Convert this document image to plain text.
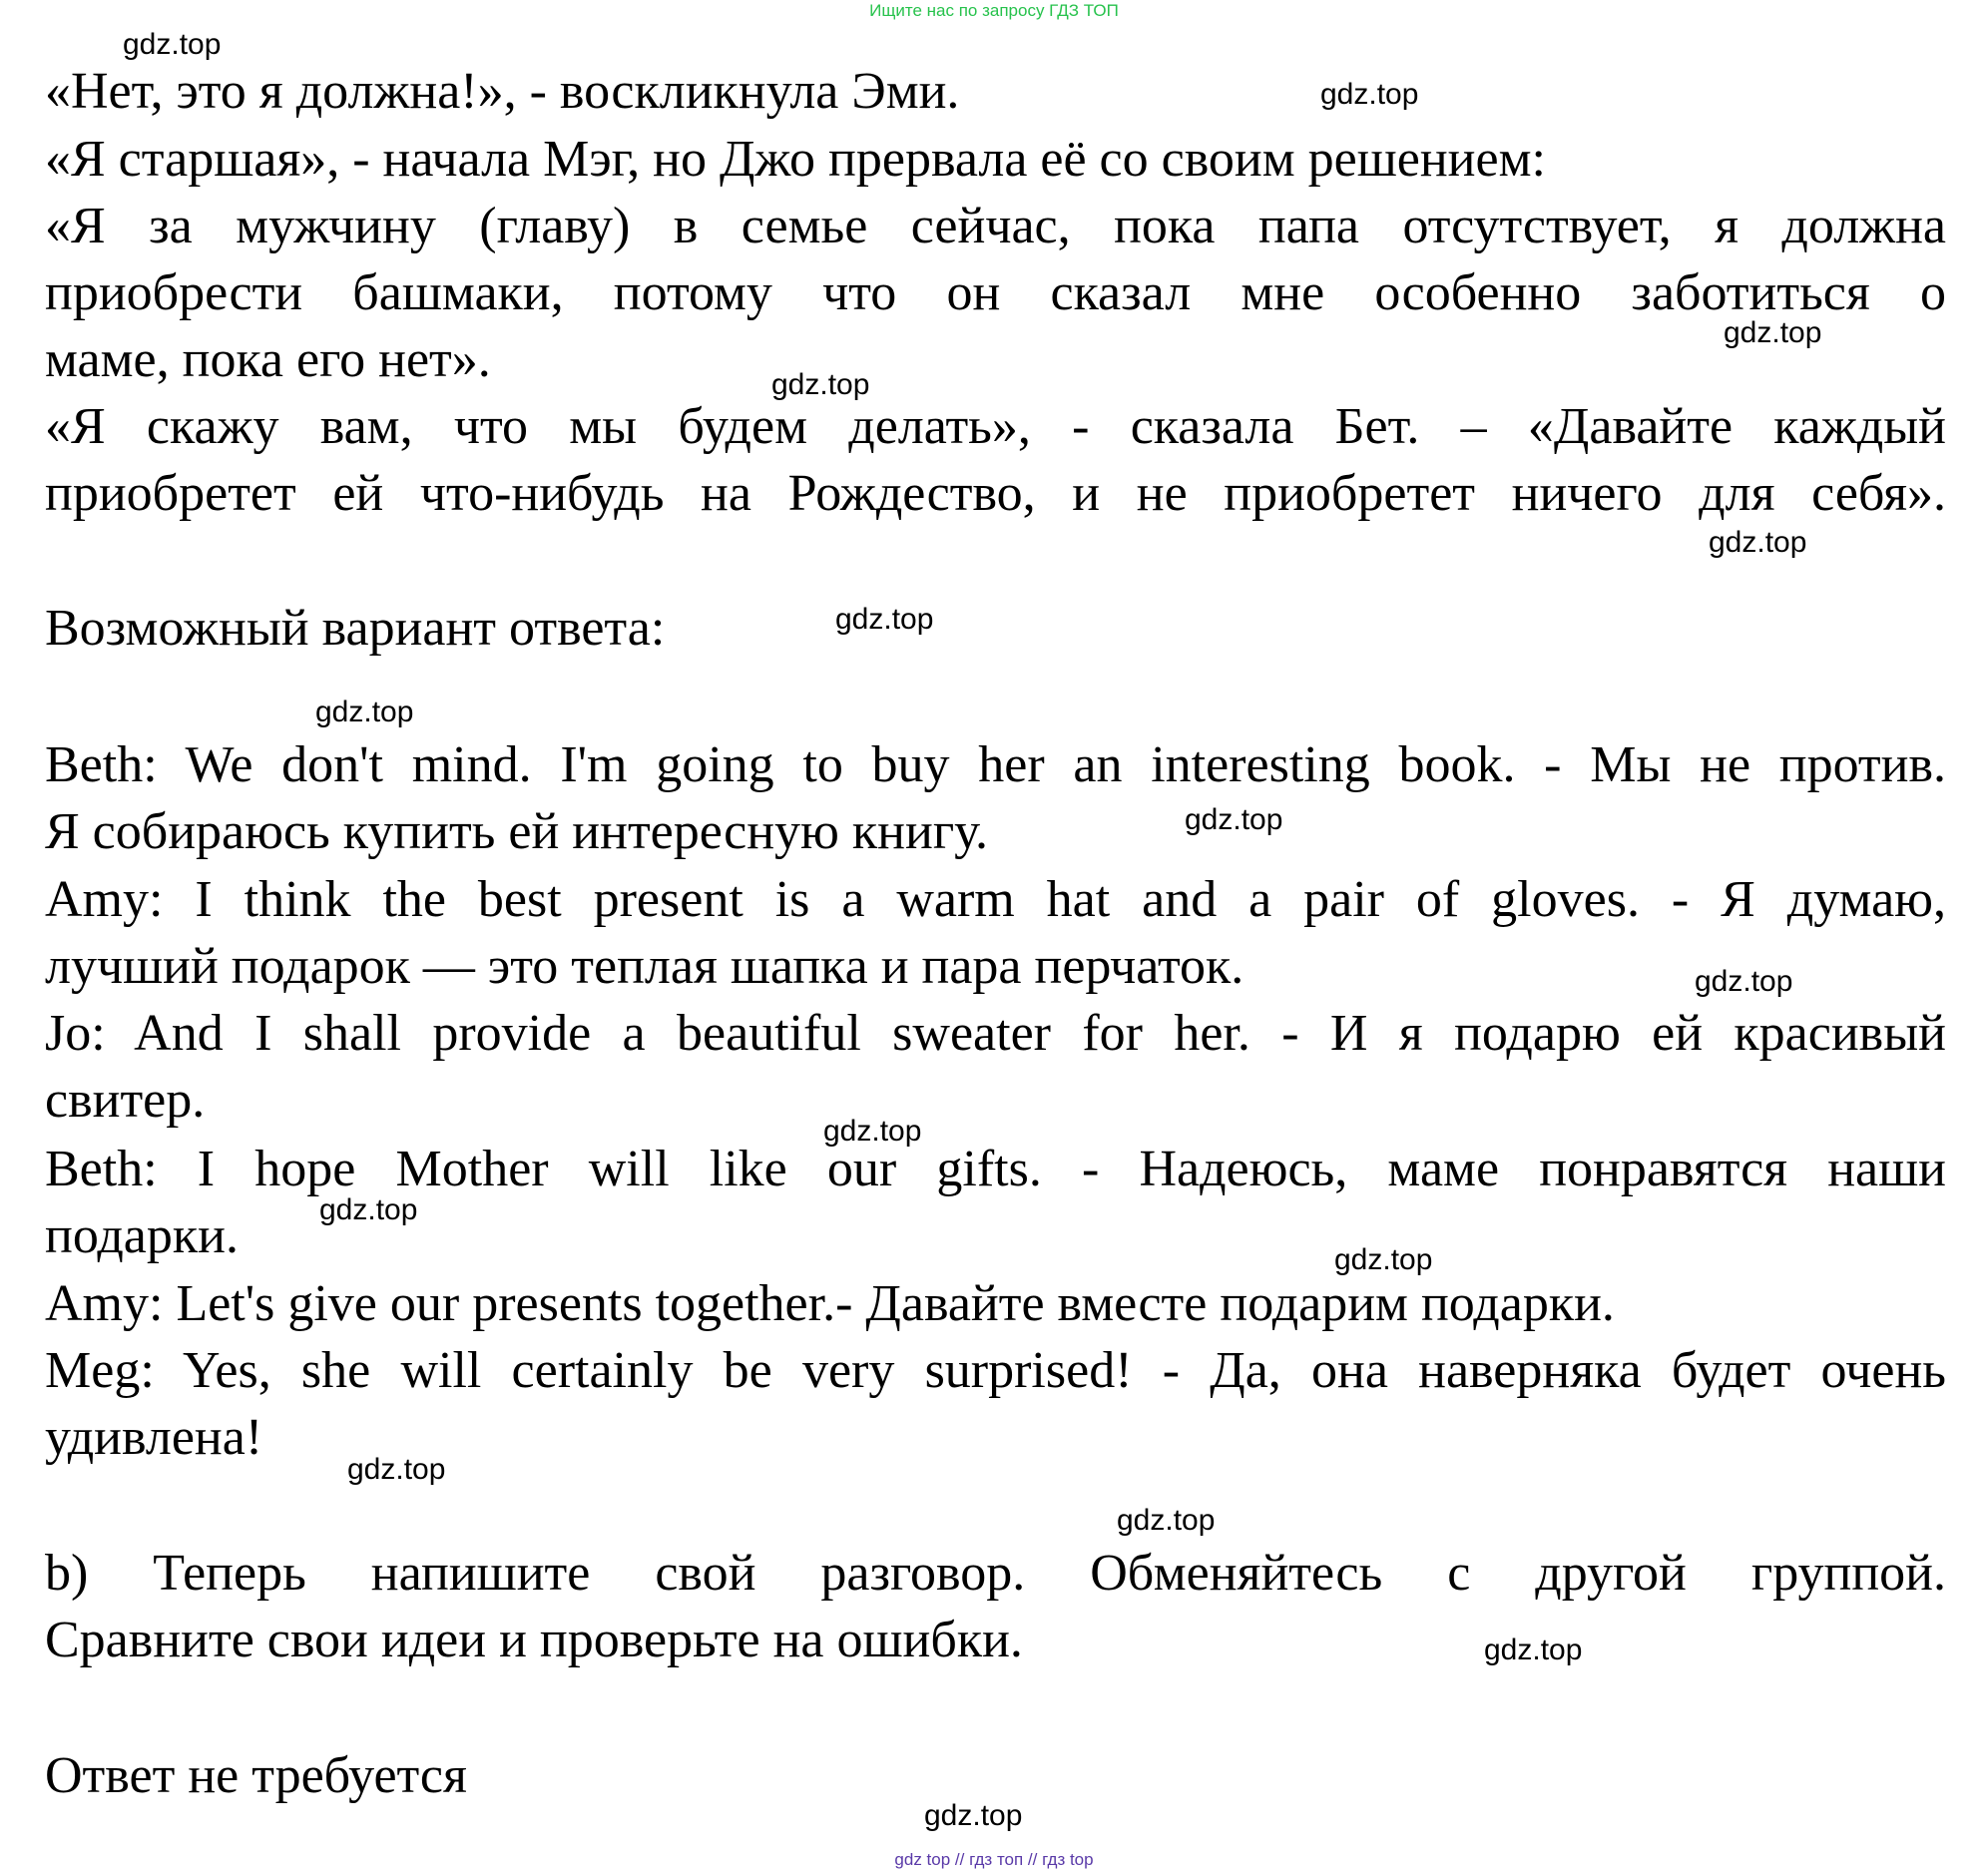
Ищите нас по запросу ГДЗ ТОП
«Нет, это я должна!», - воскликнула Эми.
«Я старшая», - начала Мэг, но Джо прервала её со своим решением:
«Я за мужчину (главу) в семье сейчас, пока папа отсутствует, я должна
приобрести башмаки, потому что он сказал мне особенно заботиться о
маме, пока его нет».
«Я скажу вам, что мы будем делать», - сказала Бет. – «Давайте каждый
приобретет ей что-нибудь на Рождество, и не приобретет ничего для себя».
Возможный вариант ответа:
Beth: We don't mind. I'm going to buy her an interesting book. - Мы не против.
Я собираюсь купить ей интересную книгу.
Amy: I think the best present is a warm hat and a pair of gloves. - Я думаю,
лучший подарок — это теплая шапка и пара перчаток.
Jo: And I shall provide a beautiful sweater for her. - И я подарю ей красивый
свитер.
Beth: I hope Mother will like our gifts. - Надеюсь, маме понравятся наши
подарки.
Amy: Let's give our presents together.- Давайте вместе подарим подарки.
Meg: Yes, she will certainly be very surprised! - Да, она наверняка будет очень
удивлена!
b) Теперь напишите свой разговор. Обменяйтесь с другой группой.
Сравните свои идеи и проверьте на ошибки.
Ответ не требуется
gdz.top
gdz.top
gdz.top
gdz.top
gdz.top
gdz.top
gdz.top
gdz.top
gdz.top
gdz.top
gdz.top
gdz.top
gdz.top
gdz.top
gdz.top
gdz.top
gdz top // гдз топ // гдз top
